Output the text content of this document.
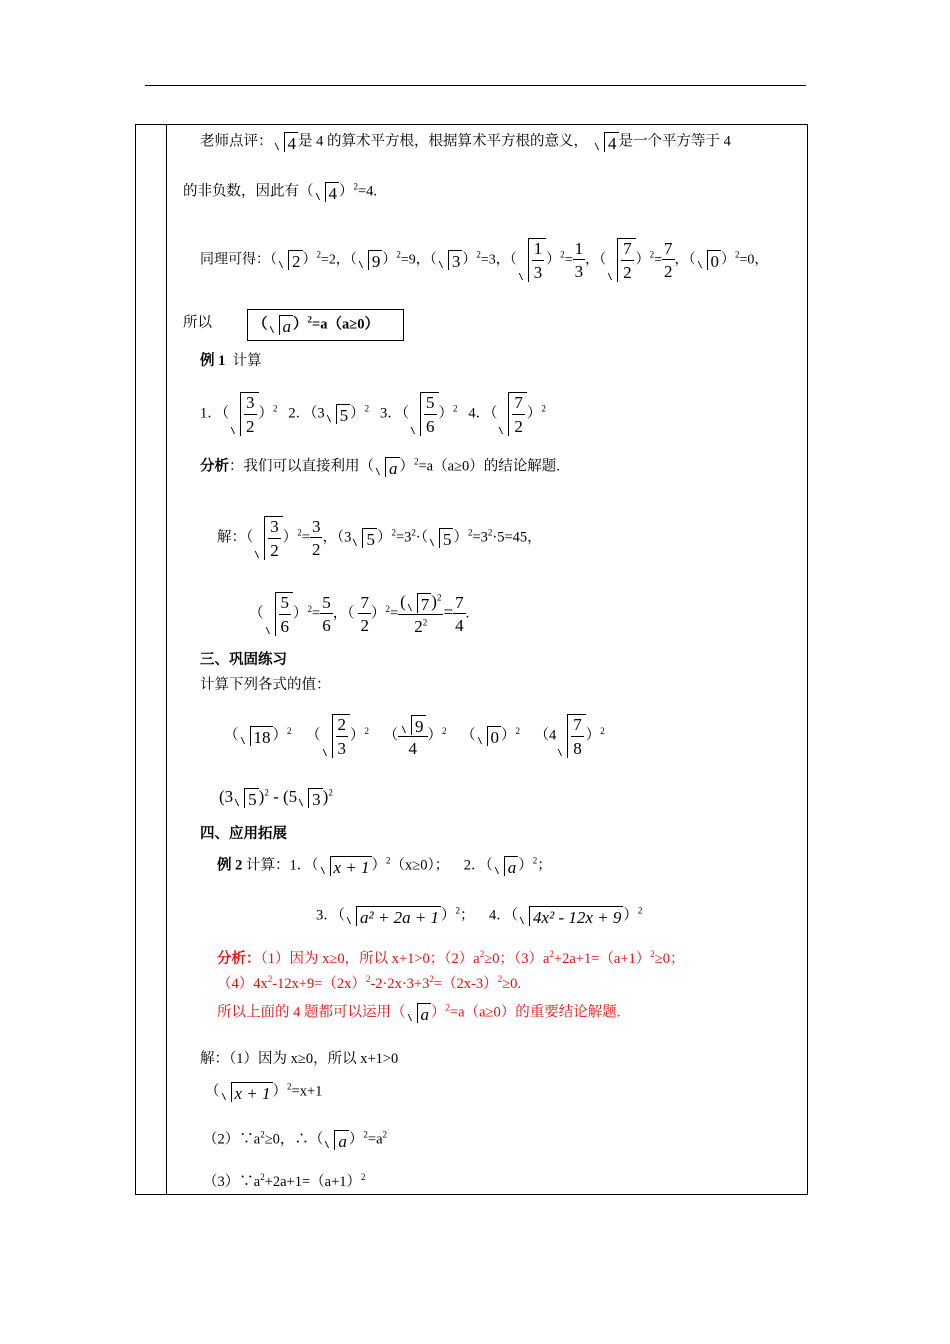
老师点评： 4 是 4 的算术平方根，根据算术平方根的意义， 4 是一个平方等于 4
的非负数，因此有（ 4 ）$^2$=4.
同理可得：（ 2 ）$^2$=2，（ 9 ）$^2$=9，（ 3 ）$^2$=3，（ $\frac{1}{3} )^2= \frac{1}{3}$ ，（ $\frac{7}{2} )^2= \frac{7}{2}$ ，（ 0 ）$^2$=0，
所以	（ a ）$^2$=a（a≥0）
例 1 计算
1．（ $\frac{3}{2} )^2$ 2．（3 5 ）$^2$ 3．（ $\frac{5}{6} )^2$ 4．（ $\frac{7}{2} )^2$
分析：我们可以直接利用（ a ）$^2$=a（a≥0）的结论解题.
解：（ $\frac{3}{2} )^2= \frac{3}{2}$ ，（3 5 ）$^2=3^2\cdot$（ 5 ）$^2=3^2\cdot 5=45$，
（ $\frac{5}{6} )^2= \frac{5}{6}$ ，（ $\frac{7}{2} )^2= \frac{( 7 )^2}{2^2} = \frac{7}{4}$ .
三、巩固练习
计算下列各式的值：
（ 18 ）$^2$ （ $\frac{2}{3} )^2$ （ $\frac{9}{4} )^2$ （ 0 ）$^2$ $(4 \frac{7}{8} )^2$
(3 5 )$^2$ - (5 3 )$^2$
四、应用拓展
例 2 计算：1．（ x + 1 ）$^2$（x≥0）； 2．（ a ）$^2$；
3．（ a² + 2a + 1 ）$^2$； 4．（ 4x² - 12x + 9 ）$^2$
分析：（1）因为 x≥0，所以 x+1>0；$(2)a^2\ge 0$；$(3)a^2+2a+1=(a+1)^2\ge 0$；
$(4)4x^2-12x+9=(2x)^2-2\cdot 2x\cdot 3+3^2=(2x-3)^2\ge 0$.
所以上面的 4 题都可以运用（ a ）$^2$=a（a≥0）的重要结论解题.
解：（1）因为 x≥0，所以 x+1>0
（ x + 1 ）$^2$=x+1
$(2)\because a^2\ge 0$，∴（ a ）$^2=a^2$
$(3)\because a^2+2a+1=(a+1)^2$
